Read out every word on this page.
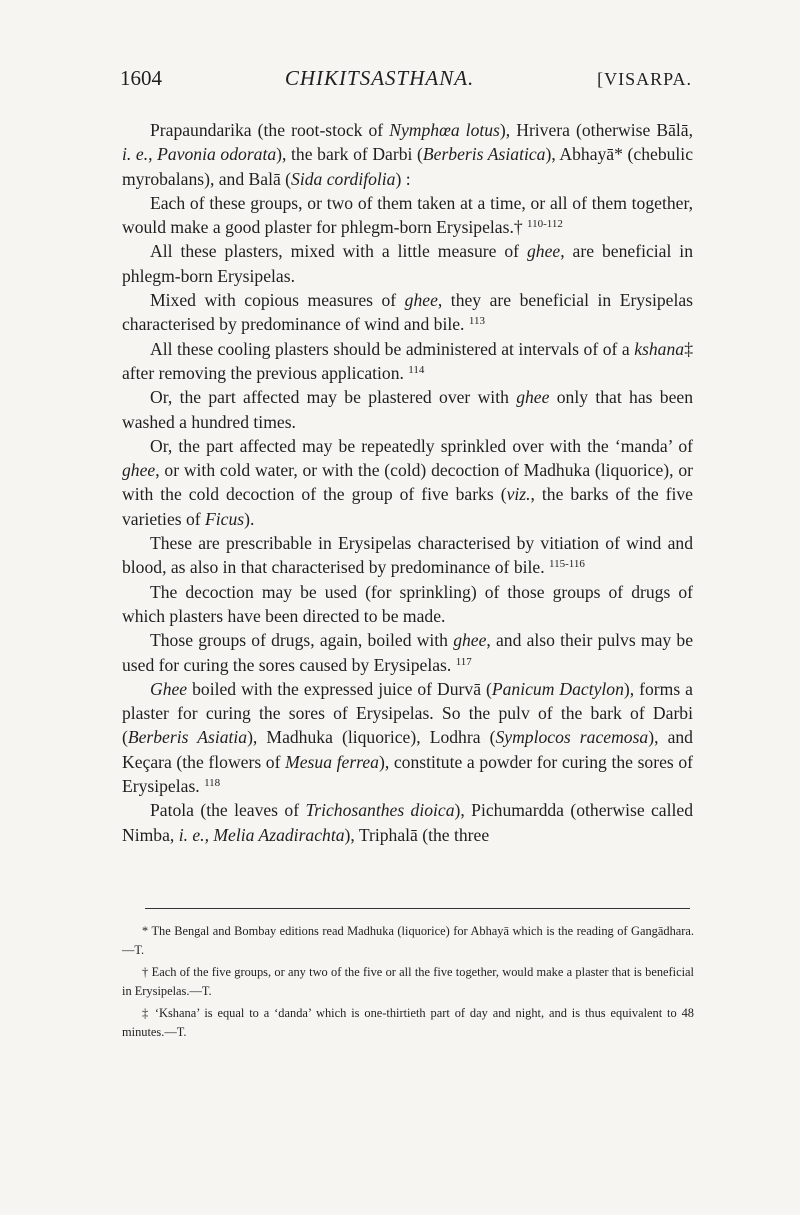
1604	CHIKITSASTHANA.	[VISARPA.

Prapaundarika (the root-stock of Nymphœa lotus), Hrivera (otherwise Bālā, i. e., Pavonia odorata), the bark of Darbi (Berberis Asiatica), Abhayā* (chebulic myrobalans), and Balā (Sida cordifolia) :

Each of these groups, or two of them taken at a time, or all of them together, would make a good plaster for phlegm-born Erysipelas.† $^{110-112}$

All these plasters, mixed with a little measure of ghee, are beneficial in phlegm-born Erysipelas.

Mixed with copious measures of ghee, they are beneficial in Erysipelas characterised by predominance of wind and bile. $^{113}$

All these cooling plasters should be administered at intervals of of a kshana‡ after removing the previous application. $^{114}$

Or, the part affected may be plastered over with ghee only that has been washed a hundred times.

Or, the part affected may be repeatedly sprinkled over with the ‘manda’ of ghee, or with cold water, or with the (cold) decoction of Madhuka (liquorice), or with the cold decoction of the group of five barks (viz., the barks of the five varieties of Ficus).

These are prescribable in Erysipelas characterised by vitiation of wind and blood, as also in that characterised by predominance of bile. $^{115-116}$

The decoction may be used (for sprinkling) of those groups of drugs of which plasters have been directed to be made.

Those groups of drugs, again, boiled with ghee, and also their pulvs may be used for curing the sores caused by Erysipelas. $^{117}$

Ghee boiled with the expressed juice of Durvā (Panicum Dactylon), forms a plaster for curing the sores of Erysipelas. So the pulv of the bark of Darbi (Berberis Asiatia), Madhuka (liquorice), Lodhra (Symplocos racemosa), and Keçara (the flowers of Mesua ferrea), constitute a powder for curing the sores of Erysipelas. $^{118}$

Patola (the leaves of Trichosanthes dioica), Pichumardda (otherwise called Nimba, i. e., Melia Azadirachta), Triphalā (the three

* The Bengal and Bombay editions read Madhuka (liquorice) for Abhayā which is the reading of Gangādhara.—T.

† Each of the five groups, or any two of the five or all the five together, would make a plaster that is beneficial in Erysipelas.—T.

‡ ‘Kshana’ is equal to a ‘danda’ which is one-thirtieth part of day and night, and is thus equivalent to 48 minutes.—T.
